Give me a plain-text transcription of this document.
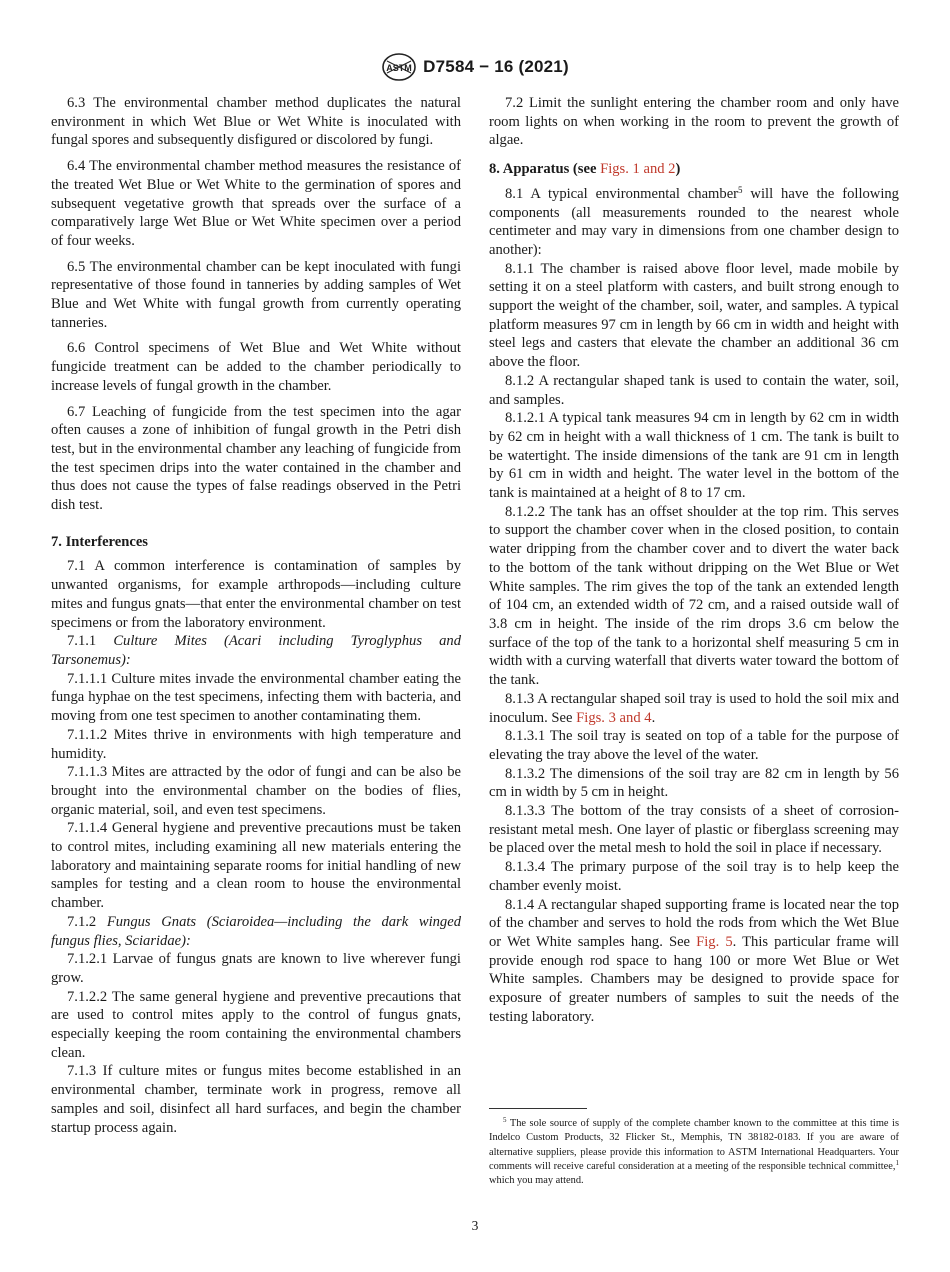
ASTM D7584 − 16 (2021)

6.3 The environmental chamber method duplicates the natural environment in which Wet Blue or Wet White is inoculated with fungal spores and subsequently disfigured or discolored by fungi.

6.4 The environmental chamber method measures the resistance of the treated Wet Blue or Wet White to the germination of spores and subsequent vegetative growth that spreads over the surface of a comparatively large Wet Blue or Wet White specimen over a period of four weeks.

6.5 The environmental chamber can be kept inoculated with fungi representative of those found in tanneries by adding samples of Wet Blue and Wet White with fungal growth from currently operating tanneries.

6.6 Control specimens of Wet Blue and Wet White without fungicide treatment can be added to the chamber periodically to increase levels of fungal growth in the chamber.

6.7 Leaching of fungicide from the test specimen into the agar often causes a zone of inhibition of fungal growth in the Petri dish test, but in the environmental chamber any leaching of fungicide from the test specimen drips into the water contained in the chamber and thus does not cause the types of false readings observed in the Petri dish test.

7. Interferences

7.1 A common interference is contamination of samples by unwanted organisms, for example arthropods—including culture mites and fungus gnats—that enter the environmental chamber on test specimens or from the laboratory environment.

7.1.1 Culture Mites (Acari including Tyroglyphus and Tarsonemus):

7.1.1.1 Culture mites invade the environmental chamber eating the funga hyphae on the test specimens, infecting them with bacteria, and moving from one test specimen to another contaminating them.

7.1.1.2 Mites thrive in environments with high temperature and humidity.

7.1.1.3 Mites are attracted by the odor of fungi and can be also be brought into the environmental chamber on the bodies of flies, organic material, soil, and even test specimens.

7.1.1.4 General hygiene and preventive precautions must be taken to control mites, including examining all new materials entering the laboratory and maintaining separate rooms for initial handling of new samples for testing and a clean room to house the environmental chamber.

7.1.2 Fungus Gnats (Sciaroidea—including the dark winged fungus flies, Sciaridae):

7.1.2.1 Larvae of fungus gnats are known to live wherever fungi grow.

7.1.2.2 The same general hygiene and preventive precautions that are used to control mites apply to the control of fungus gnats, especially keeping the room containing the environmental chambers clean.

7.1.3 If culture mites or fungus mites become established in an environmental chamber, terminate work in progress, remove all samples and soil, disinfect all hard surfaces, and begin the chamber startup process again.

7.2 Limit the sunlight entering the chamber room and only have room lights on when working in the room to prevent the growth of algae.

8. Apparatus (see Figs. 1 and 2)

8.1 A typical environmental chamber$^5$ will have the following components (all measurements rounded to the nearest whole centimeter and may vary in dimensions from one chamber design to another):

8.1.1 The chamber is raised above floor level, made mobile by setting it on a steel platform with casters, and built strong enough to support the weight of the chamber, soil, water, and samples. A typical platform measures 97 cm in length by 66 cm in width and height with steel legs and casters that elevate the chamber an additional 36 cm above the floor.

8.1.2 A rectangular shaped tank is used to contain the water, soil, and samples.

8.1.2.1 A typical tank measures 94 cm in length by 62 cm in width by 62 cm in height with a wall thickness of 1 cm. The tank is built to be watertight. The inside dimensions of the tank are 91 cm in length by 61 cm in width and height. The water level in the bottom of the tank is maintained at a height of 8 to 17 cm.

8.1.2.2 The tank has an offset shoulder at the top rim. This serves to support the chamber cover when in the closed position, to contain water dripping from the chamber cover and to divert the water back to the bottom of the tank without dripping on the Wet Blue or Wet White samples. The rim gives the top of the tank an extended length of 104 cm, an extended width of 72 cm, and a raised outside wall of 3.8 cm in height. The inside of the rim drops 3.6 cm below the surface of the top of the tank to a horizontal shelf measuring 5 cm in width with a curving waterfall that diverts water toward the bottom of the tank.

8.1.3 A rectangular shaped soil tray is used to hold the soil mix and inoculum. See Figs. 3 and 4.

8.1.3.1 The soil tray is seated on top of a table for the purpose of elevating the tray above the level of the water.

8.1.3.2 The dimensions of the soil tray are 82 cm in length by 56 cm in width by 5 cm in height.

8.1.3.3 The bottom of the tray consists of a sheet of corrosion-resistant metal mesh. One layer of plastic or fiberglass screening may be placed over the metal mesh to hold the soil in place if necessary.

8.1.3.4 The primary purpose of the soil tray is to help keep the chamber evenly moist.

8.1.4 A rectangular shaped supporting frame is located near the top of the chamber and serves to hold the rods from which the Wet Blue or Wet White samples hang. See Fig. 5. This particular frame will provide enough rod space to hang 100 or more Wet Blue or Wet White samples. Chambers may be designed to provide space for exposure of greater numbers of samples to suit the needs of the testing laboratory.

$^5$ The sole source of supply of the complete chamber known to the committee at this time is Indelco Custom Products, 32 Flicker St., Memphis, TN 38182-0183. If you are aware of alternative suppliers, please provide this information to ASTM International Headquarters. Your comments will receive careful consideration at a meeting of the responsible technical committee,$^1$ which you may attend.

3
